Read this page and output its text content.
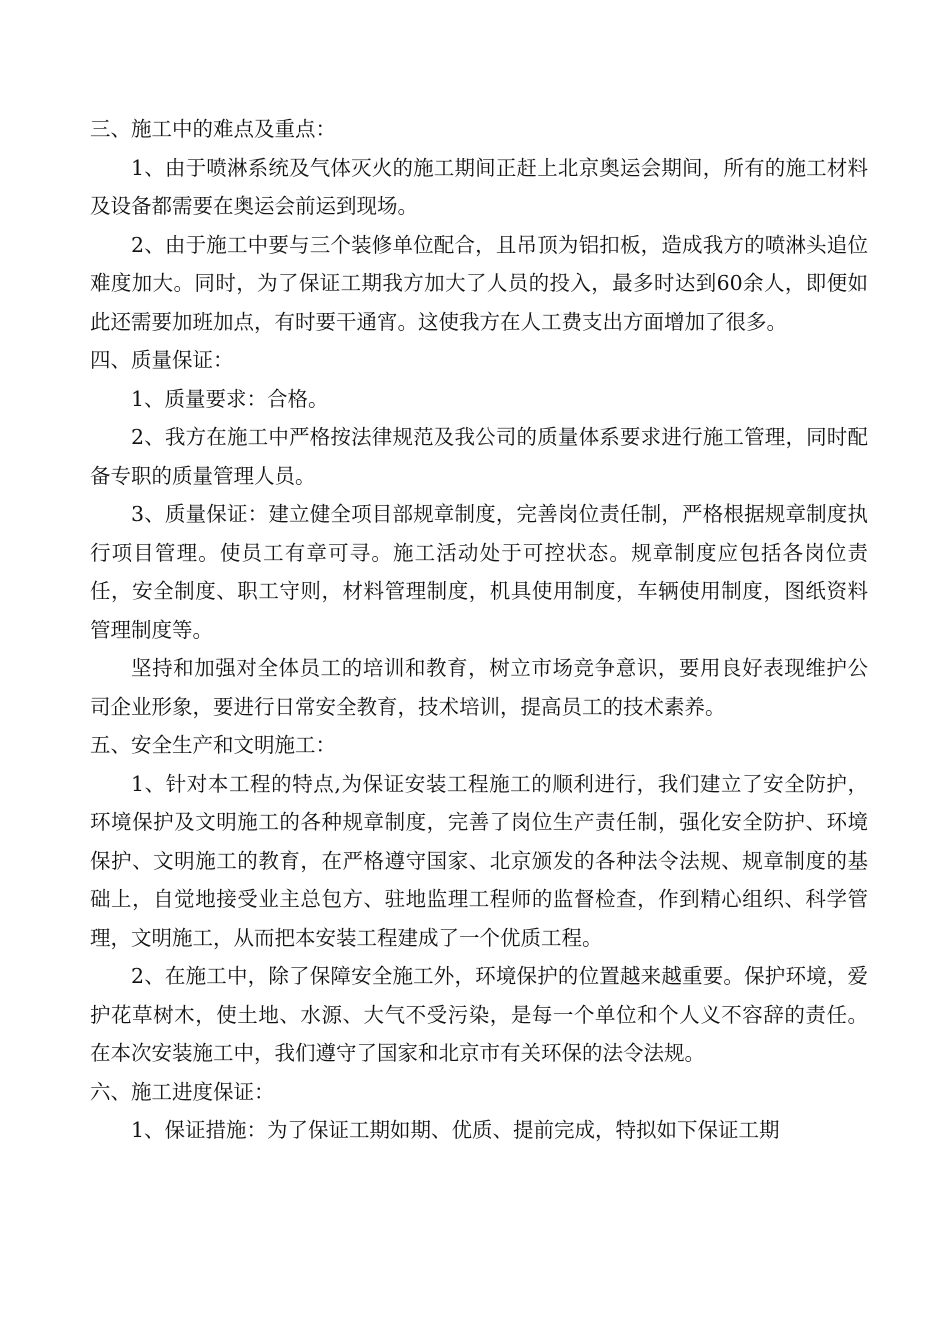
三、施工中的难点及重点：

1、由于喷淋系统及气体灭火的施工期间正赶上北京奥运会期间，所有的施工材料及设备都需要在奥运会前运到现场。

2、由于施工中要与三个装修单位配合，且吊顶为铝扣板，造成我方的喷淋头追位难度加大。同时，为了保证工期我方加大了人员的投入，最多时达到60余人，即便如此还需要加班加点，有时要干通宵。这使我方在人工费支出方面增加了很多。

四、质量保证：

1、质量要求：合格。

2、我方在施工中严格按法律规范及我公司的质量体系要求进行施工管理，同时配备专职的质量管理人员。

3、质量保证：建立健全项目部规章制度，完善岗位责任制，严格根据规章制度执行项目管理。使员工有章可寻。施工活动处于可控状态。规章制度应包括各岗位责任，安全制度、职工守则，材料管理制度，机具使用制度，车辆使用制度，图纸资料管理制度等。

坚持和加强对全体员工的培训和教育，树立市场竞争意识，要用良好表现维护公司企业形象，要进行日常安全教育，技术培训，提高员工的技术素养。

五、安全生产和文明施工：

1、针对本工程的特点,为保证安装工程施工的顺利进行，我们建立了安全防护，环境保护及文明施工的各种规章制度，完善了岗位生产责任制，强化安全防护、环境保护、文明施工的教育，在严格遵守国家、北京颁发的各种法令法规、规章制度的基础上，自觉地接受业主总包方、驻地监理工程师的监督检查，作到精心组织、科学管理，文明施工，从而把本安装工程建成了一个优质工程。

2、在施工中，除了保障安全施工外，环境保护的位置越来越重要。保护环境，爱护花草树木，使土地、水源、大气不受污染，是每一个单位和个人义不容辞的责任。在本次安装施工中，我们遵守了国家和北京市有关环保的法令法规。

六、施工进度保证：

1、保证措施：为了保证工期如期、优质、提前完成，特拟如下保证工期
